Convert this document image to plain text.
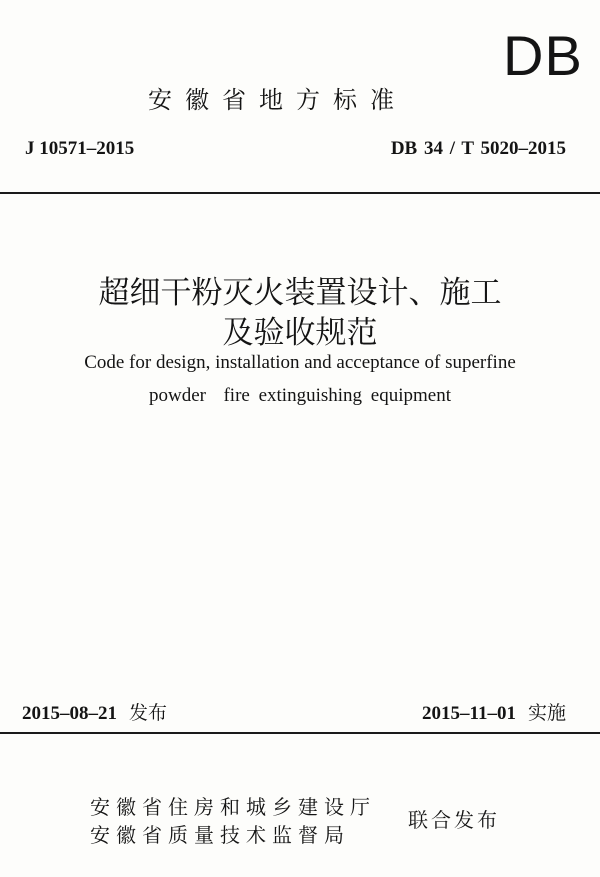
DB
安徽省地方标准
J 10571–2015	DB 34 / T 5020–2015
超细干粉灭火装置设计、施工
及验收规范
Code for design, installation and acceptance of superfine
powder  fire extinguishing equipment
2015–08–21 发布	2015–11–01 实施
安徽省住房和城乡建设厅
安徽省质量技术监督局
联合发布
